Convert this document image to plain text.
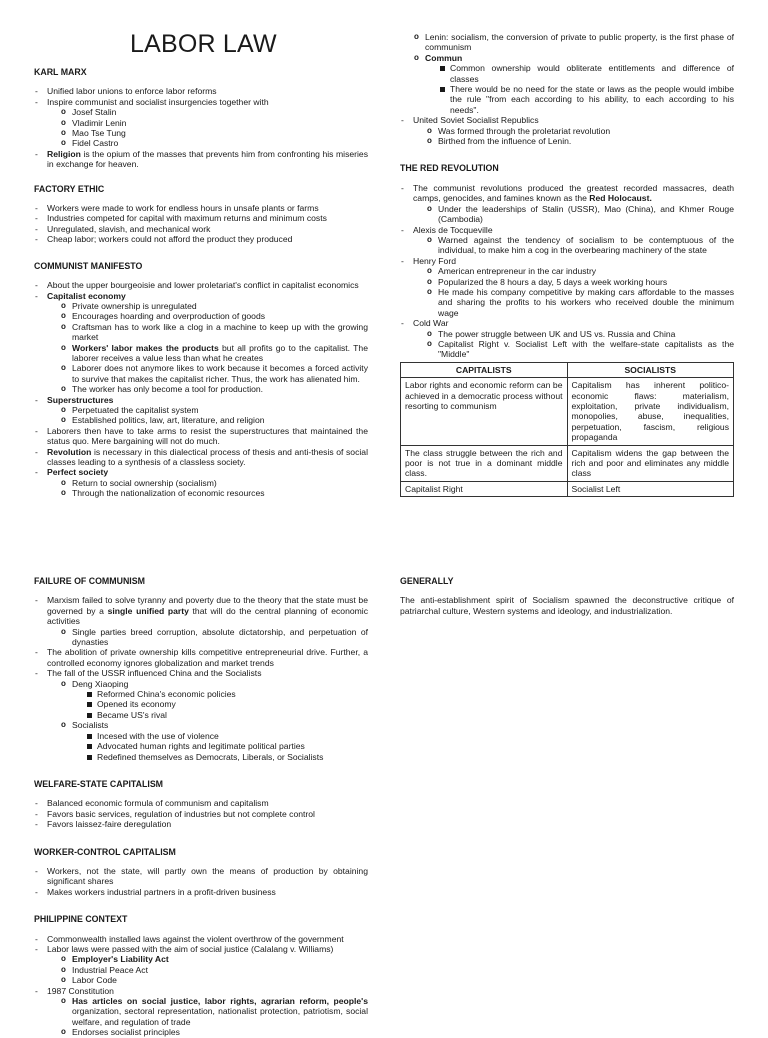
LABOR LAW
KARL MARX
- Unified labor unions to enforce labor reforms
- Inspire communist and socialist insurgencies together with
o Josef Stalin
o Vladimir Lenin
o Mao Tse Tung
o Fidel Castro
- Religion is the opium of the masses that prevents him from confronting his miseries in exchange for heaven.
FACTORY ETHIC
- Workers were made to work for endless hours in unsafe plants or farms
- Industries competed for capital with maximum returns and minimum costs
- Unregulated, slavish, and mechanical work
- Cheap labor; workers could not afford the product they produced
COMMUNIST MANIFESTO
- About the upper bourgeoisie and lower proletariat's conflict in capitalist economics
- Capitalist economy
o Private ownership is unregulated
o Encourages hoarding and overproduction of goods
o Craftsman has to work like a clog in a machine to keep up with the growing market
o Workers' labor makes the products but all profits go to the capitalist. The laborer receives a value less than what he creates
o Laborer does not anymore likes to work because it becomes a forced activity to survive that makes the capitalist richer. Thus, the work has alienated him.
o The worker has only become a tool for production.
- Superstructures
o Perpetuated the capitalist system
o Established politics, law, art, literature, and religion
- Laborers then have to take arms to resist the superstructures that maintained the status quo. Mere bargaining will not do much.
- Revolution is necessary in this dialectical process of thesis and anti-thesis of social classes leading to a synthesis of a classless society.
- Perfect society
o Return to social ownership (socialism)
o Through the nationalization of economic resources
o Lenin: socialism, the conversion of private to public property, is the first phase of communism
o Commun
Common ownership would obliterate entitlements and difference of classes
There would be no need for the state or laws as the people would imbibe the rule "from each according to his ability, to each according to his needs".
- United Soviet Socialist Republics
o Was formed through the proletariat revolution
o Birthed from the influence of Lenin.
THE RED REVOLUTION
- The communist revolutions produced the greatest recorded massacres, death camps, genocides, and famines known as the Red Holocaust.
o Under the leaderships of Stalin (USSR), Mao (China), and Khmer Rouge (Cambodia)
- Alexis de Tocqueville
o Warned against the tendency of socialism to be contemptuous of the individual, to make him a cog in the overbearing machinery of the state
- Henry Ford
o American entrepreneur in the car industry
o Popularized the 8 hours a day, 5 days a week working hours
o He made his company competitive by making cars affordable to the masses and sharing the profits to his workers who received double the minimum wage
- Cold War
o The power struggle between UK and US vs. Russia and China
o Capitalist Right v. Socialist Left with the welfare-state capitalists as the "Middle"
CAPITALISTS	SOCIALISTS
Labor rights and economic reform can be achieved in a democratic process without resorting to communism	Capitalism has inherent politico-economic flaws: materialism, exploitation, private individualism, monopolies, abuse, inequalities, perpetuation, fascism, religious propaganda
The class struggle between the rich and poor is not true in a dominant middle class.	Capitalism widens the gap between the rich and poor and eliminates any middle class
Capitalist Right	Socialist Left
FAILURE OF COMMUNISM
- Marxism failed to solve tyranny and poverty due to the theory that the state must be governed by a single unified party that will do the central planning of economic activities
o Single parties breed corruption, absolute dictatorship, and perpetuation of dynasties
- The abolition of private ownership kills competitive entrepreneurial drive. Further, a controlled economy ignores globalization and market trends
- The fall of the USSR influenced China and the Socialists
o Deng Xiaoping
Reformed China's economic policies
Opened its economy
Became US's rival
o Socialists
Incesed with the use of violence
Advocated human rights and legitimate political parties
Redefined themselves as Democrats, Liberals, or Socialists
WELFARE-STATE CAPITALISM
- Balanced economic formula of communism and capitalism
- Favors basic services, regulation of industries but not complete control
- Favors laissez-faire deregulation
WORKER-CONTROL CAPITALISM
- Workers, not the state, will partly own the means of production by obtaining significant shares
- Makes workers industrial partners in a profit-driven business
PHILIPPINE CONTEXT
- Commonwealth installed laws against the violent overthrow of the government
- Labor laws were passed with the aim of social justice (Calalang v. Williams)
o Employer's Liability Act
o Industrial Peace Act
o Labor Code
- 1987 Constitution
o Has articles on social justice, labor rights, agrarian reform, people's organization, sectoral representation, nationalist protection, patriotism, social welfare, and regulation of trade
o Endorses socialist principles
GENERALLY

The anti-establishment spirit of Socialism spawned the deconstructive critique of patriarchal culture, Western systems and ideology, and industrialization.
